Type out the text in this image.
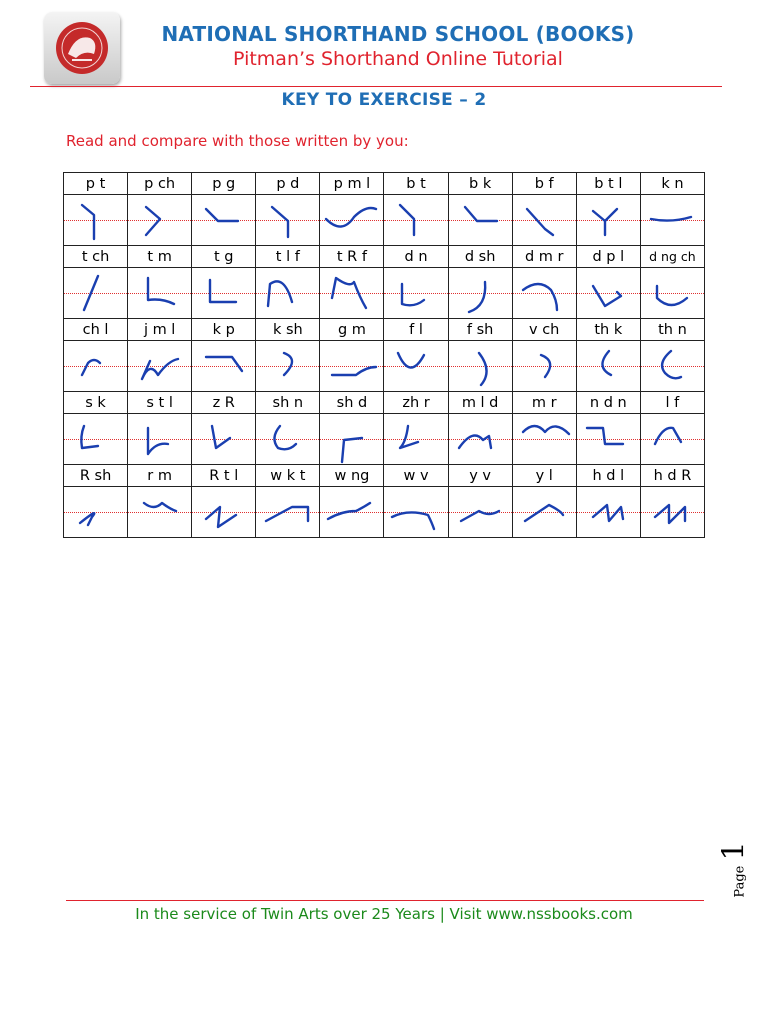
NATIONAL SHORTHAND SCHOOL (BOOKS)
Pitman’s Shorthand Online Tutorial
KEY TO EXERCISE – 2
Read and compare with those written by you:
p t	p ch	p g	p d	p m l	b t	b k	b f	b t l	k n

t ch	t m	t g	t l f	t R f	d n	d sh	d m r	d p l	d ng ch

ch l	j m l	k p	k sh	g m	f l	f sh	v ch	th k	th n

s k	s t l	z R	sh n	sh d	zh r	m l d	m r	n d n	l f

R sh	r m	R t l	w k t	w ng	w v	y v	y l	h d l	h d R

Page 1
In the service of Twin Arts over 25 Years | Visit www.nssbooks.com
